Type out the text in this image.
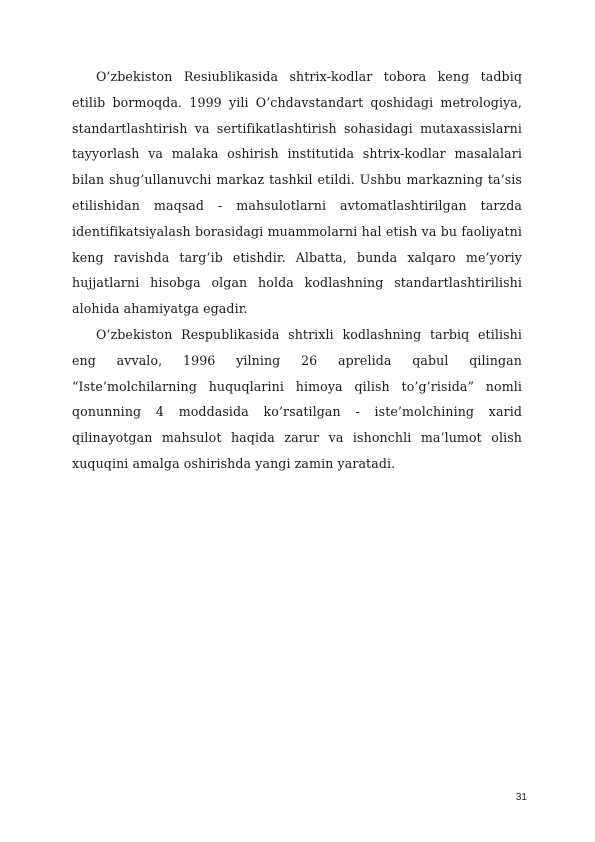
O’zbekiston Resiublikasida shtrix-kodlar tobora keng tadbiq etilib bormoqda. 1999 yili O’chdavstandart qoshidagi metrologiya, standartlashtirish va sertifikatlashtirish sohasidagi mutaxassislarni tayyorlash va malaka oshirish institutida shtrix-kodlar masalalari bilan shug’ullanuvchi markaz tashkil etildi. Ushbu markazning ta’sis etilishidan maqsad - mahsulotlarni avtomatlashtirilgan tarzda identifikatsiyalash borasidagi muammolarni hal etish va bu faoliyatni keng ravishda targ’ib etishdir. Albatta, bunda xalqaro me’yoriy hujjatlarni hisobga olgan holda kodlashning standartlashtirilishi alohida ahamiyatga egadir.

O’zbekiston Respublikasida shtrixli kodlashning tarbiq etilishi eng avvalo, 1996 yilning 26 aprelida qabul qilingan “Iste’molchilarning huquqlarini himoya qilish to’g’risida” nomli qonunning 4 moddasida ko’rsatilgan - iste’molchining xarid qilinayotgan mahsulot haqida zarur va ishonchli ma’lumot olish xuquqini amalga oshirishda yangi zamin yaratadi.

31
